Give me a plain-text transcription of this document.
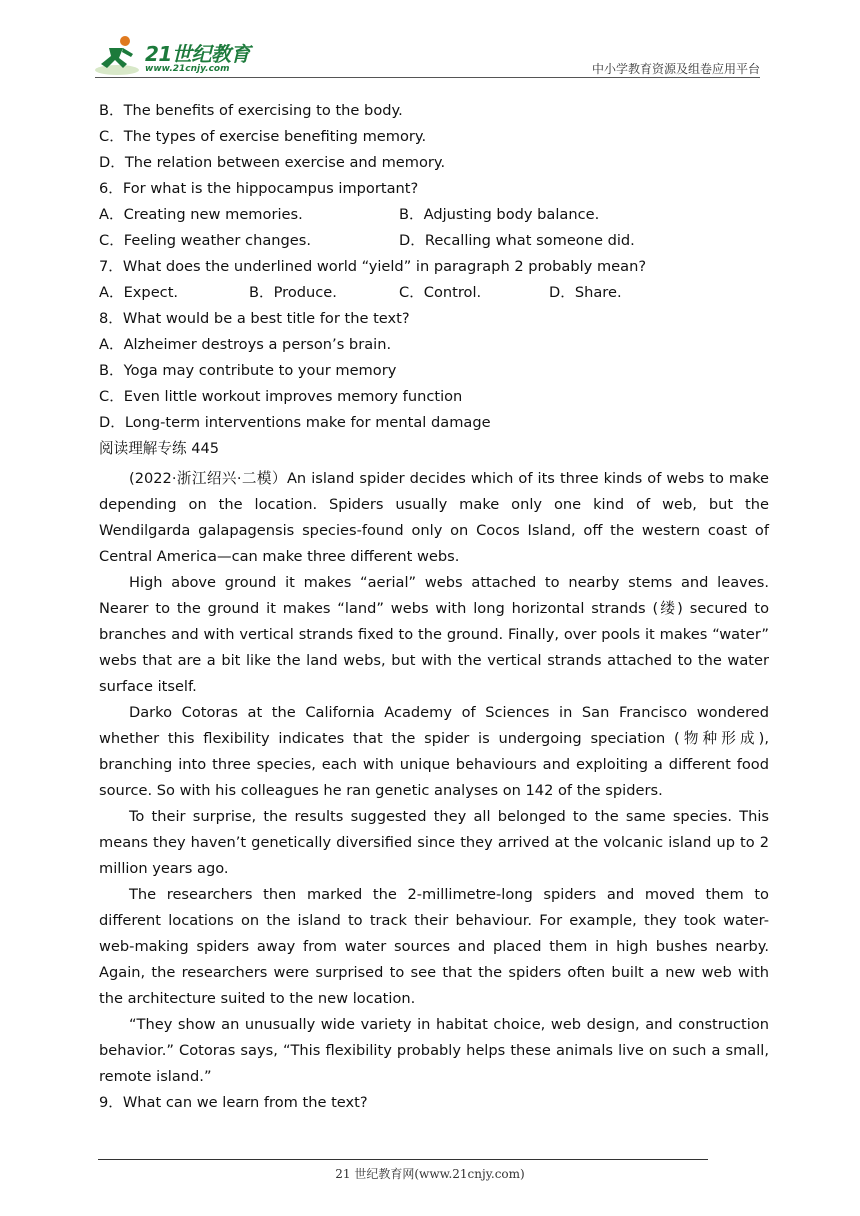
21世纪教育
www.21cnjy.com	中小学教育资源及组卷应用平台

B．The benefits of exercising to the body.

C．The types of exercise benefiting memory.

D．The relation between exercise and memory.

6．For what is the hippocampus important?

A．Creating new memories.	B．Adjusting body balance.
C．Feeling weather changes.	D．Recalling what someone did.

7．What does the underlined world “yield” in paragraph 2 probably mean?

A．Expect.	B．Produce.	C．Control.	D．Share.

8．What would be a best title for the text?

A．Alzheimer destroys a person’s brain.

B．Yoga may contribute to your memory

C．Even little workout improves memory function

D．Long-term interventions make for mental damage

阅读理解专练 445

(2022·浙江绍兴·二模）An island spider decides which of its three kinds of webs to make depending on the location. Spiders usually make only one kind of web, but the Wendilgarda galapagensis species-found only on Cocos Island, off the western coast of Central America—can make three different webs.

High above ground it makes “aerial” webs attached to nearby stems and leaves. Nearer to the ground it makes “land” webs with long horizontal strands (缕) secured to branches and with vertical strands fixed to the ground. Finally, over pools it makes “water” webs that are a bit like the land webs, but with the vertical strands attached to the water surface itself.

Darko Cotoras at the California Academy of Sciences in San Francisco wondered whether this flexibility indicates that the spider is undergoing speciation (物种形成), branching into three species, each with unique behaviours and exploiting a different food source. So with his colleagues he ran genetic analyses on 142 of the spiders.

To their surprise, the results suggested they all belonged to the same species. This means they haven’t genetically diversified since they arrived at the volcanic island up to 2 million years ago.

The researchers then marked the 2-millimetre-long spiders and moved them to different locations on the island to track their behaviour. For example, they took water-web-making spiders away from water sources and placed them in high bushes nearby. Again, the researchers were surprised to see that the spiders often built a new web with the architecture suited to the new location.

“They show an unusually wide variety in habitat choice, web design, and construction behavior.” Cotoras says, “This flexibility probably helps these animals live on such a small, remote island.”

9．What can we learn from the text?

21 世纪教育网(www.21cnjy.com)
